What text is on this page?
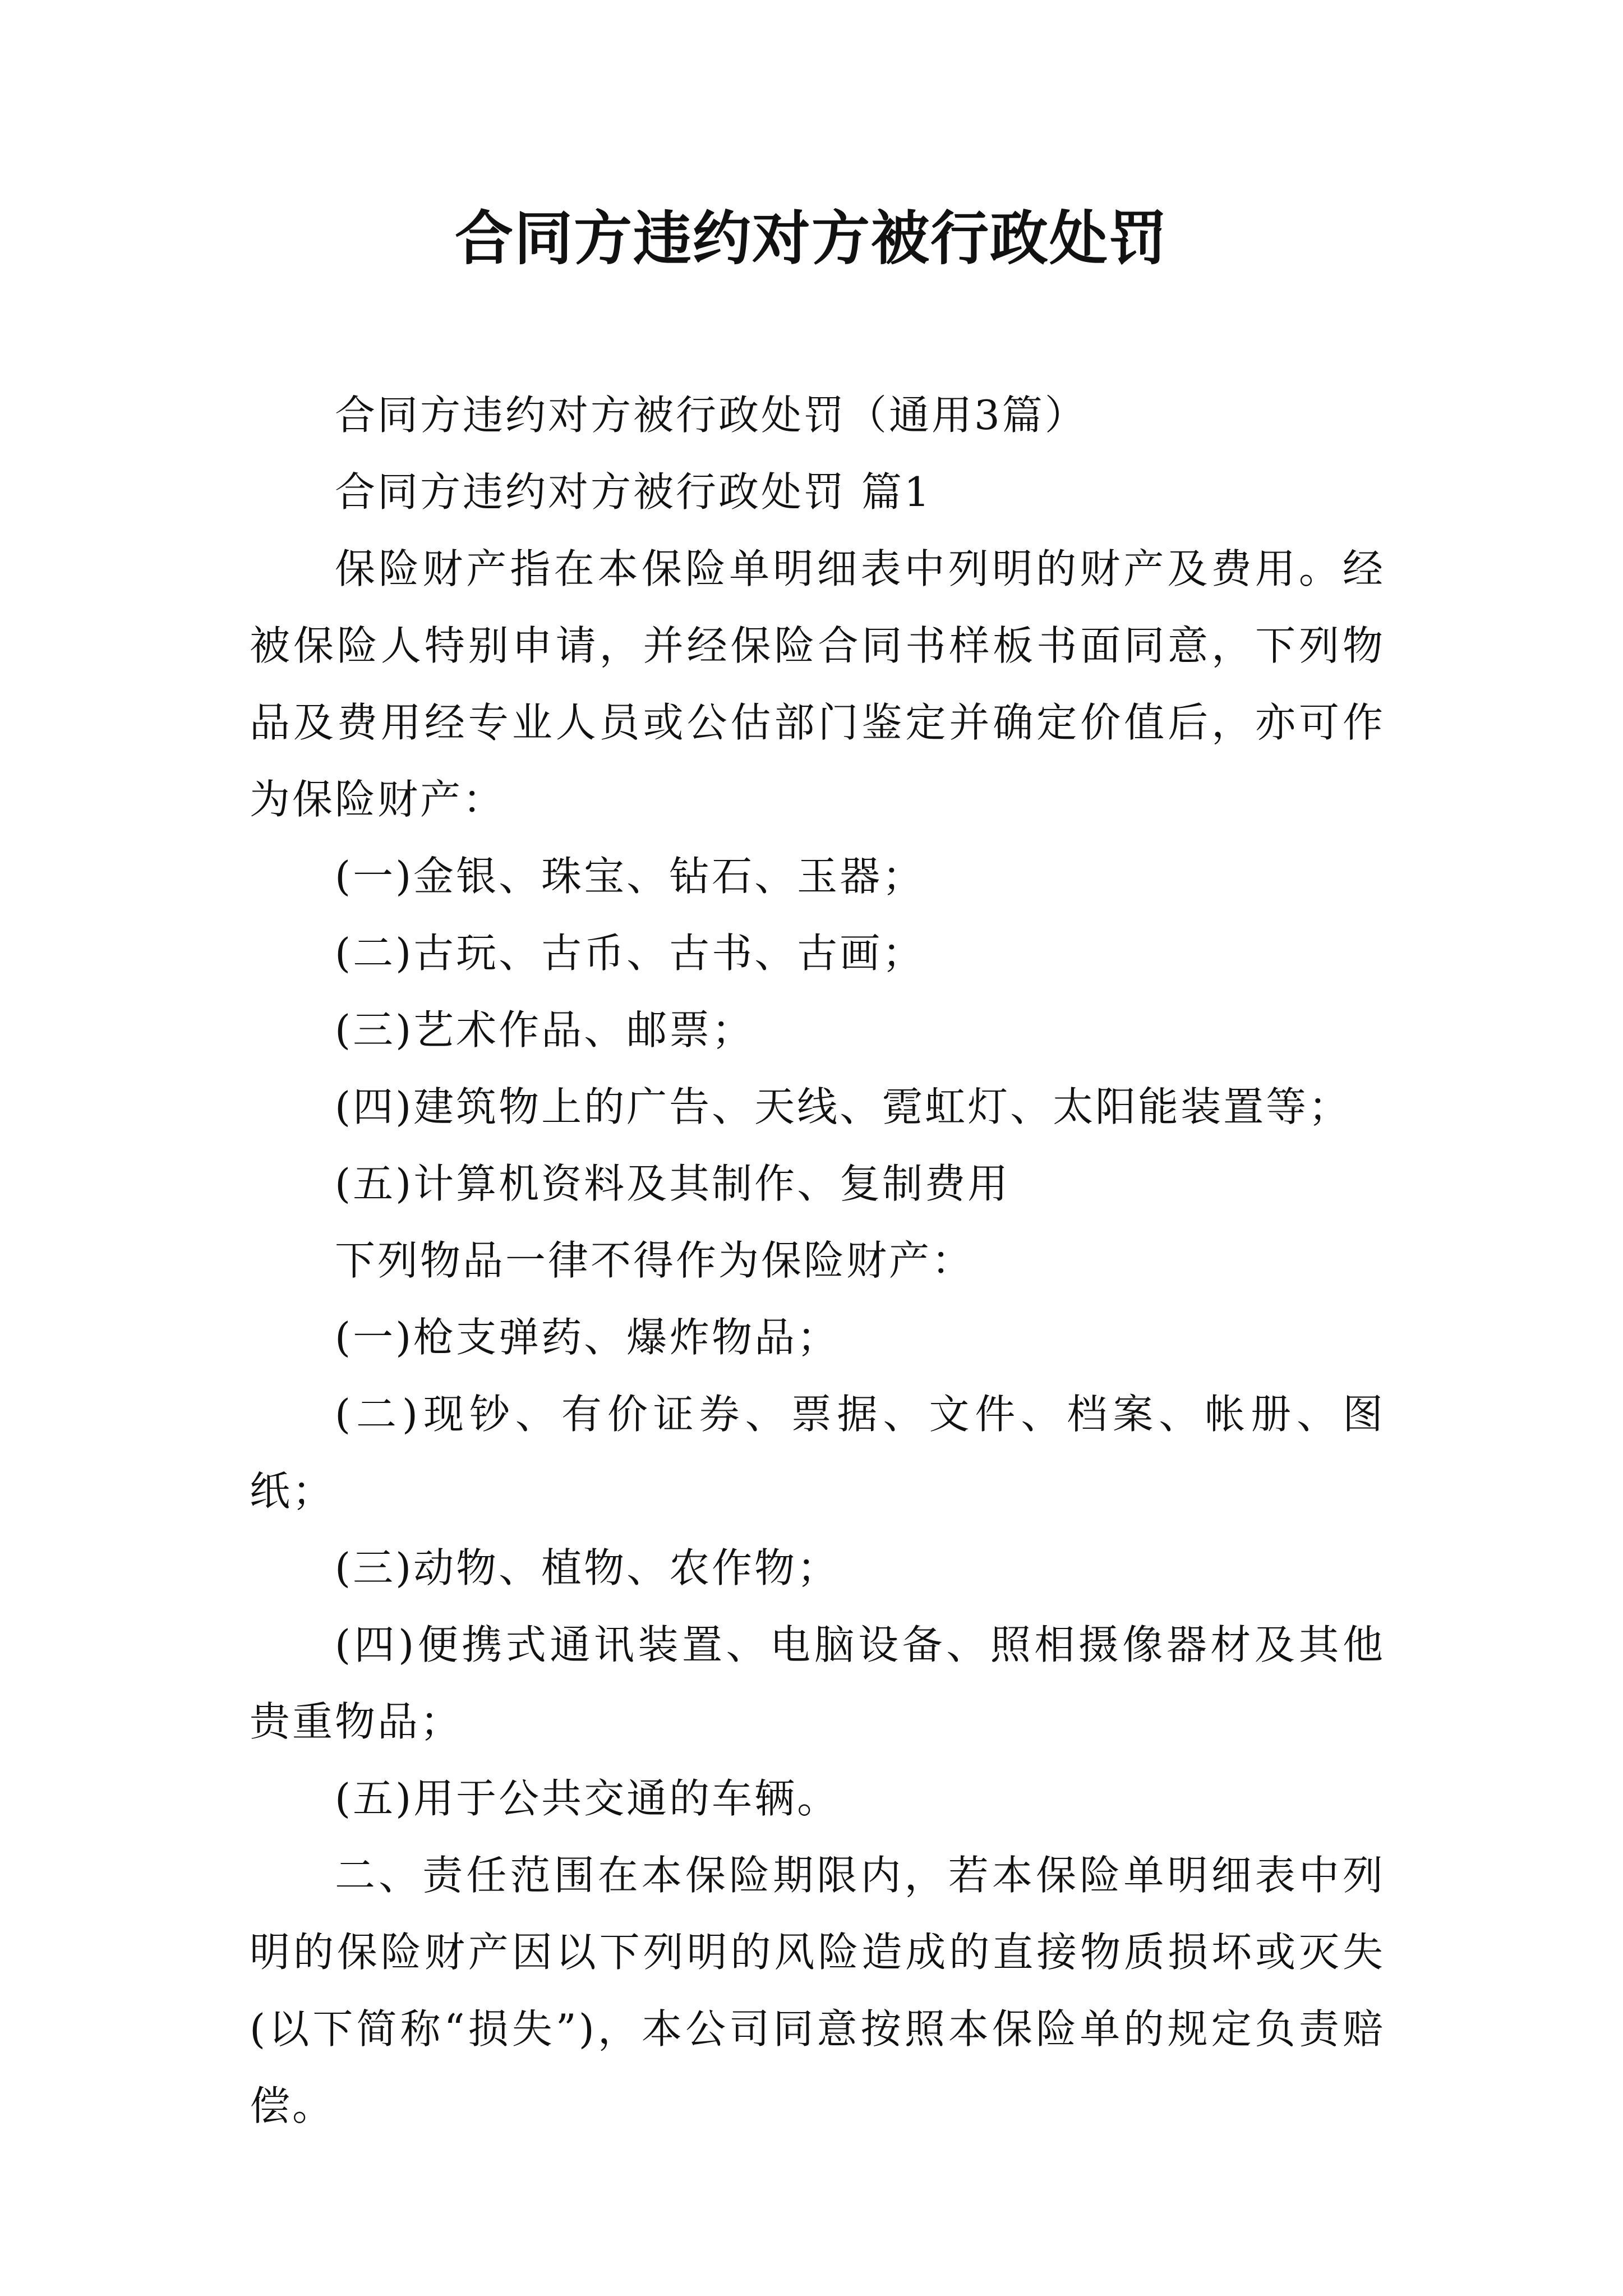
合同方违约对方被行政处罚

合同方违约对方被行政处罚（通用3篇）

合同方违约对方被行政处罚 篇1

保险财产指在本保险单明细表中列明的财产及费用。经被保险人特别申请，并经保险合同书样板书面同意，下列物品及费用经专业人员或公估部门鉴定并确定价值后，亦可作为保险财产：

(一)金银、珠宝、钻石、玉器；

(二)古玩、古币、古书、古画；

(三)艺术作品、邮票；

(四)建筑物上的广告、天线、霓虹灯、太阳能装置等；

(五)计算机资料及其制作、复制费用

下列物品一律不得作为保险财产：

(一)枪支弹药、爆炸物品；

(二)现钞、有价证券、票据、文件、档案、帐册、图纸；

(三)动物、植物、农作物；

(四)便携式通讯装置、电脑设备、照相摄像器材及其他贵重物品；

(五)用于公共交通的车辆。

二、责任范围在本保险期限内，若本保险单明细表中列明的保险财产因以下列明的风险造成的直接物质损坏或灭失(以下简称“损失”)，本公司同意按照本保险单的规定负责赔偿。
